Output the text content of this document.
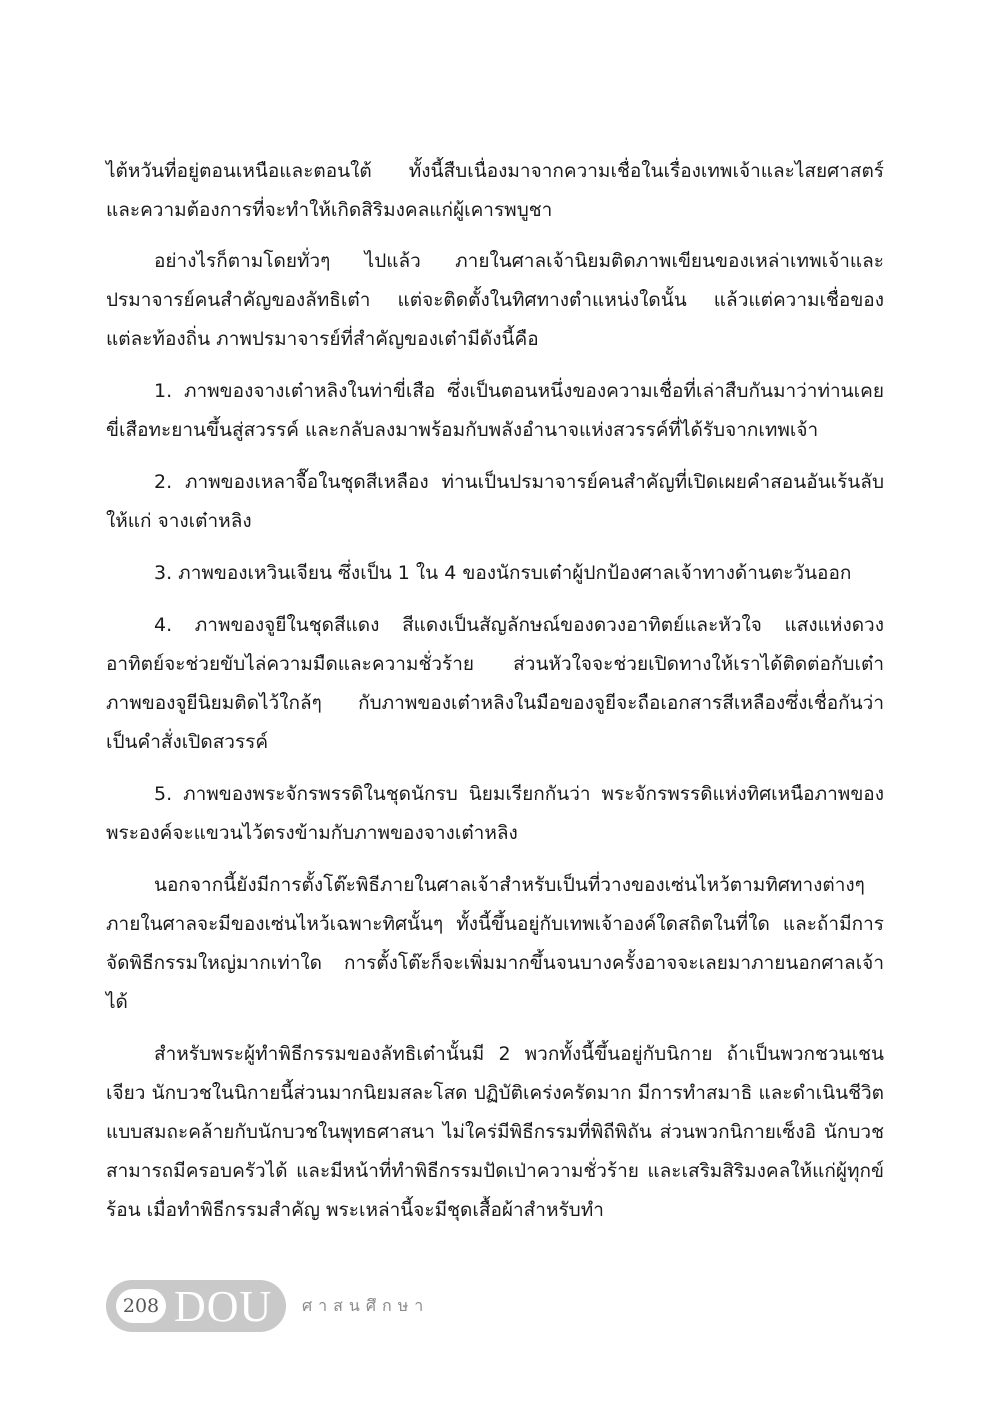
ไต้หวันที่อยู่ตอนเหนือและตอนใต้ ทั้งนี้สืบเนื่องมาจากความเชื่อในเรื่องเทพเจ้าและไสยศาสตร์และความต้องการที่จะทำให้เกิดสิริมงคลแก่ผู้เคารพบูชา

อย่างไรก็ตามโดยทั่วๆ ไปแล้ว ภายในศาลเจ้านิยมติดภาพเขียนของเหล่าเทพเจ้าและปรมาจารย์คนสำคัญของลัทธิเต๋า แต่จะติดตั้งในทิศทางตำแหน่งใดนั้น แล้วแต่ความเชื่อของแต่ละท้องถิ่น ภาพปรมาจารย์ที่สำคัญของเต๋ามีดังนี้คือ

1. ภาพของจางเต๋าหลิงในท่าขี่เสือ ซึ่งเป็นตอนหนึ่งของความเชื่อที่เล่าสืบกันมาว่าท่านเคยขี่เสือทะยานขึ้นสู่สวรรค์ และกลับลงมาพร้อมกับพลังอำนาจแห่งสวรรค์ที่ได้รับจากเทพเจ้า

2. ภาพของเหลาจื๊อในชุดสีเหลือง ท่านเป็นปรมาจารย์คนสำคัญที่เปิดเผยคำสอนอันเร้นลับให้แก่ จางเต๋าหลิง

3. ภาพของเหวินเจียน ซึ่งเป็น 1 ใน 4 ของนักรบเต๋าผู้ปกป้องศาลเจ้าทางด้านตะวันออก

4. ภาพของจูยีในชุดสีแดง สีแดงเป็นสัญลักษณ์ของดวงอาทิตย์และหัวใจ แสงแห่งดวงอาทิตย์จะช่วยขับไล่ความมืดและความชั่วร้าย ส่วนหัวใจจะช่วยเปิดทางให้เราได้ติดต่อกับเต๋าภาพของจูยีนิยมติดไว้ใกล้ๆ กับภาพของเต๋าหลิงในมือของจูยีจะถือเอกสารสีเหลืองซึ่งเชื่อกันว่าเป็นคำสั่งเปิดสวรรค์

5. ภาพของพระจักรพรรดิในชุดนักรบ นิยมเรียกกันว่า พระจักรพรรดิแห่งทิศเหนือภาพของพระองค์จะแขวนไว้ตรงข้ามกับภาพของจางเต๋าหลิง

นอกจากนี้ยังมีการตั้งโต๊ะพิธีภายในศาลเจ้าสำหรับเป็นที่วางของเซ่นไหว้ตามทิศทางต่างๆ ภายในศาลจะมีของเซ่นไหว้เฉพาะทิศนั้นๆ ทั้งนี้ขึ้นอยู่กับเทพเจ้าองค์ใดสถิตในที่ใด และถ้ามีการจัดพิธีกรรมใหญ่มากเท่าใด การตั้งโต๊ะก็จะเพิ่มมากขึ้นจนบางครั้งอาจจะเลยมาภายนอกศาลเจ้าได้

สำหรับพระผู้ทำพิธีกรรมของลัทธิเต๋านั้นมี 2 พวกทั้งนี้ขึ้นอยู่กับนิกาย ถ้าเป็นพวกชวนเชนเจียว นักบวชในนิกายนี้ส่วนมากนิยมสละโสด ปฏิบัติเคร่งครัดมาก มีการทำสมาธิ และดำเนินชีวิตแบบสมถะคล้ายกับนักบวชในพุทธศาสนา ไม่ใคร่มีพิธีกรรมที่พิถีพิถัน ส่วนพวกนิกายเซ็งอิ นักบวชสามารถมีครอบครัวได้ และมีหน้าที่ทำพิธีกรรมปัดเป่าความชั่วร้าย และเสริมสิริมงคลให้แก่ผู้ทุกข์ร้อน เมื่อทำพิธีกรรมสำคัญ พระเหล่านี้จะมีชุดเสื้อผ้าสำหรับทำ

208 DOU ศาสนศึกษา
